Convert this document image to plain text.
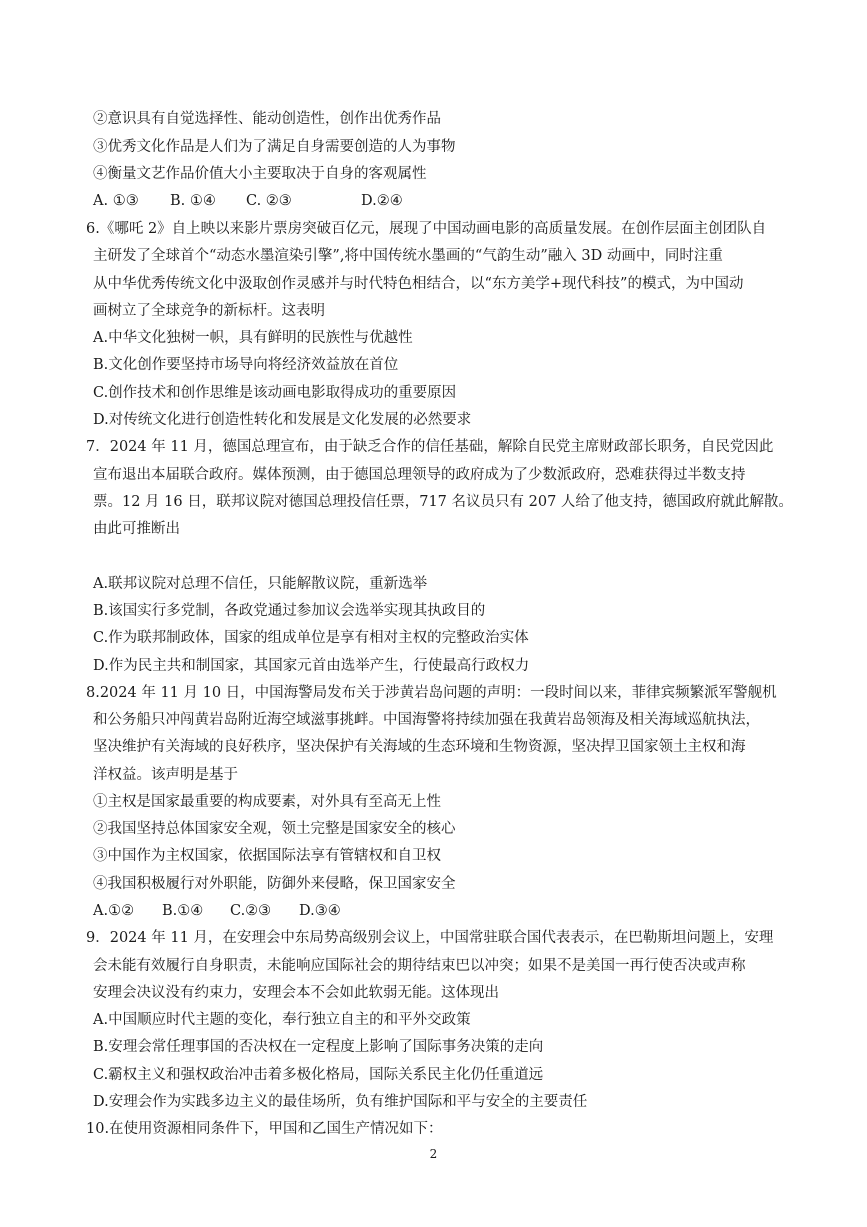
②意识具有自觉选择性、能动创造性，创作出优秀作品
③优秀文化作品是人们为了满足自身需要创造的人为事物
④衡量文艺作品价值大小主要取决于自身的客观属性
A. ①③ B. ①④ C. ②③	D.②④
6.《哪吒 2》自上映以来影片票房突破百亿元，展现了中国动画电影的高质量发展。在创作层面主创团队自
主研发了全球首个“动态水墨渲染引擎”,将中国传统水墨画的“气韵生动”融入 3D 动画中，同时注重
从中华优秀传统文化中汲取创作灵感并与时代特色相结合，以“东方美学+现代科技”的模式，为中国动
画树立了全球竞争的新标杆。这表明
A.中华文化独树一帜，具有鲜明的民族性与优越性
B.文化创作要坚持市场导向将经济效益放在首位
C.创作技术和创作思维是该动画电影取得成功的重要原因
D.对传统文化进行创造性转化和发展是文化发展的必然要求
7．2024 年 11 月，德国总理宣布，由于缺乏合作的信任基础，解除自民党主席财政部长职务，自民党因此
宣布退出本届联合政府。媒体预测，由于德国总理领导的政府成为了少数派政府，恐难获得过半数支持
票。12 月 16 日，联邦议院对德国总理投信任票，717 名议员只有 207 人给了他支持，德国政府就此解散。
由此可推断出
A.联邦议院对总理不信任，只能解散议院，重新选举
B.该国实行多党制，各政党通过参加议会选举实现其执政目的
C.作为联邦制政体，国家的组成单位是享有相对主权的完整政治实体
D.作为民主共和制国家，其国家元首由选举产生，行使最高行政权力
8.2024 年 11 月 10 日，中国海警局发布关于涉黄岩岛问题的声明：一段时间以来，菲律宾频繁派军警舰机
和公务船只冲闯黄岩岛附近海空域滋事挑衅。中国海警将持续加强在我黄岩岛领海及相关海域巡航执法，
坚决维护有关海域的良好秩序，坚决保护有关海域的生态环境和生物资源，坚决捍卫国家领土主权和海
洋权益。该声明是基于
①主权是国家最重要的构成要素，对外具有至高无上性
②我国坚持总体国家安全观，领土完整是国家安全的核心
③中国作为主权国家，依据国际法享有管辖权和自卫权
④我国积极履行对外职能，防御外来侵略，保卫国家安全
A.①② B.①④ C.②③ D.③④
9．2024 年 11 月，在安理会中东局势高级别会议上，中国常驻联合国代表表示，在巴勒斯坦问题上，安理
会未能有效履行自身职责，未能响应国际社会的期待结束巴以冲突；如果不是美国一再行使否决或声称
安理会决议没有约束力，安理会本不会如此软弱无能。这体现出
A.中国顺应时代主题的变化，奉行独立自主的和平外交政策
B.安理会常任理事国的否决权在一定程度上影响了国际事务决策的走向
C.霸权主义和强权政治冲击着多极化格局，国际关系民主化仍任重道远
D.安理会作为实践多边主义的最佳场所，负有维护国际和平与安全的主要责任
10.在使用资源相同条件下，甲国和乙国生产情况如下：
2
